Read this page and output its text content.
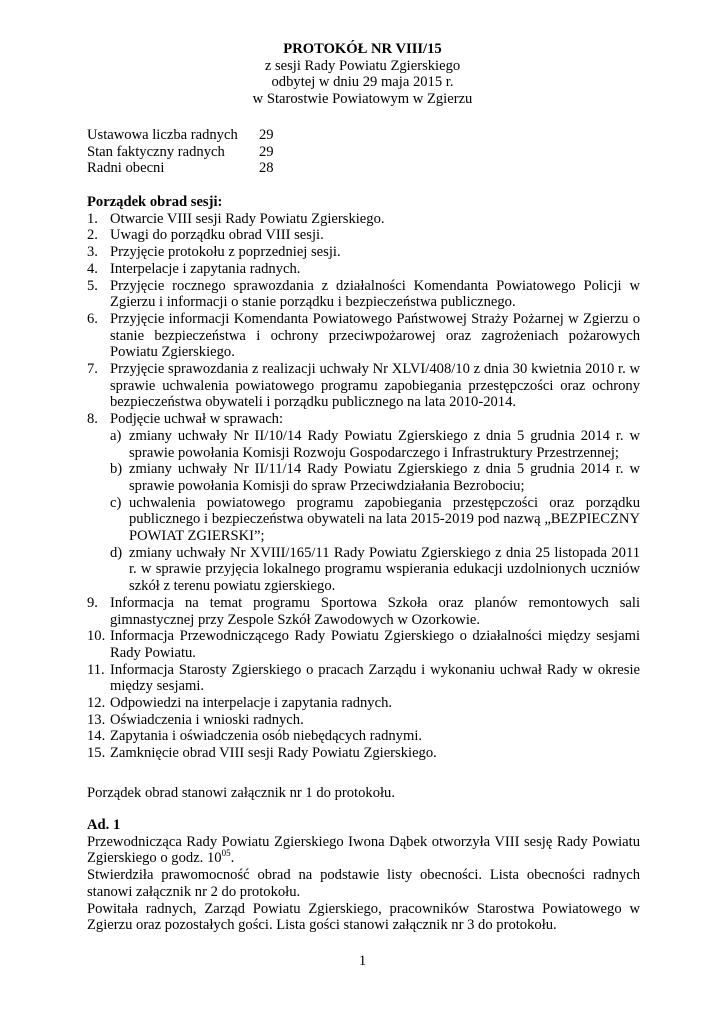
PROTOKÓŁ NR VIII/15
z sesji Rady Powiatu Zgierskiego
odbytej w dniu 29 maja 2015 r.
w Starostwie Powiatowym w Zgierzu
Ustawowa liczba radnych 29
Stan faktyczny radnych 29
Radni obecni	28
Porządek obrad sesji:
1. Otwarcie VIII sesji Rady Powiatu Zgierskiego.
2. Uwagi do porządku obrad VIII sesji.
3. Przyjęcie protokołu z poprzedniej sesji.
4. Interpelacje i zapytania radnych.
5. Przyjęcie rocznego sprawozdania z działalności Komendanta Powiatowego Policji w Zgierzu i informacji o stanie porządku i bezpieczeństwa publicznego.
6. Przyjęcie informacji Komendanta Powiatowego Państwowej Straży Pożarnej w Zgierzu o stanie bezpieczeństwa i ochrony przeciwpożarowej oraz zagrożeniach pożarowych Powiatu Zgierskiego.
7. Przyjęcie sprawozdania z realizacji uchwały Nr XLVI/408/10 z dnia 30 kwietnia 2010 r. w sprawie uchwalenia powiatowego programu zapobiegania przestępczości oraz ochrony bezpieczeństwa obywateli i porządku publicznego na lata 2010-2014.
8. Podjęcie uchwał w sprawach:
a) zmiany uchwały Nr II/10/14 Rady Powiatu Zgierskiego z dnia 5 grudnia 2014 r. w sprawie powołania Komisji Rozwoju Gospodarczego i Infrastruktury Przestrzennej;
b) zmiany uchwały Nr II/11/14 Rady Powiatu Zgierskiego z dnia 5 grudnia 2014 r. w sprawie powołania Komisji do spraw Przeciwdziałania Bezrobociu;
c) uchwalenia powiatowego programu zapobiegania przestępczości oraz porządku publicznego i bezpieczeństwa obywateli na lata 2015-2019 pod nazwą „BEZPIECZNY POWIAT ZGIERSKI”;
d) zmiany uchwały Nr XVIII/165/11 Rady Powiatu Zgierskiego z dnia 25 listopada 2011 r. w sprawie przyjęcia lokalnego programu wspierania edukacji uzdolnionych uczniów szkół z terenu powiatu zgierskiego.
9. Informacja na temat programu Sportowa Szkoła oraz planów remontowych sali gimnastycznej przy Zespole Szkół Zawodowych w Ozorkowie.
10. Informacja Przewodniczącego Rady Powiatu Zgierskiego o działalności między sesjami Rady Powiatu.
11. Informacja Starosty Zgierskiego o pracach Zarządu i wykonaniu uchwał Rady w okresie między sesjami.
12. Odpowiedzi na interpelacje i zapytania radnych.
13. Oświadczenia i wnioski radnych.
14. Zapytania i oświadczenia osób niebędących radnymi.
15. Zamknięcie obrad VIII sesji Rady Powiatu Zgierskiego.
Porządek obrad stanowi załącznik nr 1 do protokołu.
Ad. 1
Przewodnicząca Rady Powiatu Zgierskiego Iwona Dąbek otworzyła VIII sesję Rady Powiatu Zgierskiego o godz. $10^{05}$.
Stwierdziła prawomocność obrad na podstawie listy obecności. Lista obecności radnych stanowi załącznik nr 2 do protokołu.
Powitała radnych, Zarząd Powiatu Zgierskiego, pracowników Starostwa Powiatowego w Zgierzu oraz pozostałych gości. Lista gości stanowi załącznik nr 3 do protokołu.
1
